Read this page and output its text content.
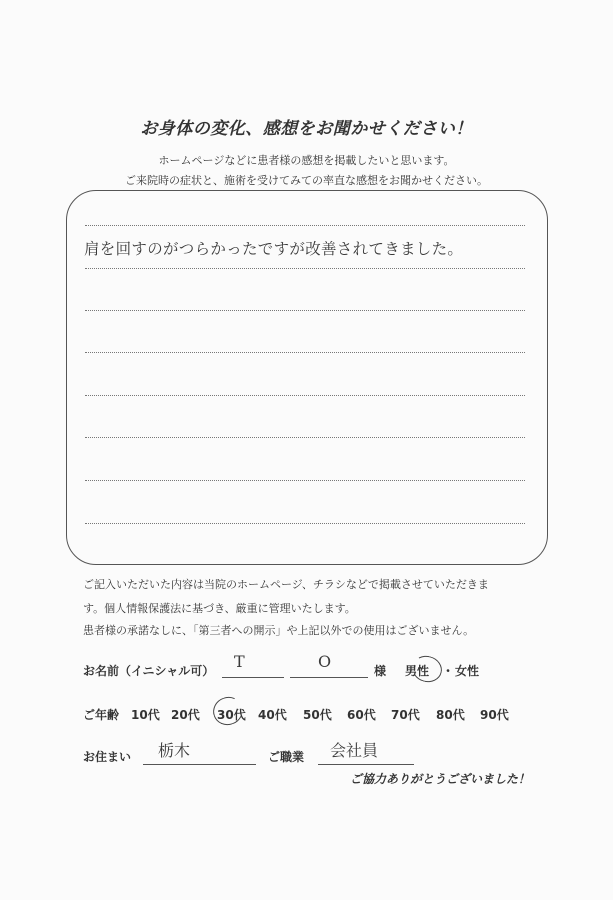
お身体の変化、感想をお聞かせください！
ホームページなどに患者様の感想を掲載したいと思います。
ご来院時の症状と、施術を受けてみての率直な感想をお聞かせください。
肩を回すのがつらかったですが改善されてきました。
ご記入いただいた内容は当院のホームページ、チラシなどで掲載させていただきま
す。個人情報保護法に基づき、厳重に管理いたします。
患者様の承諾なしに、「第三者への開示」や上記以外での使用はございません。
お名前（イニシャル可） T	O	様 男性 ・ 女性
ご年齢 10代 20代 30代 40代 50代 60代 70代 80代 90代
お住まい 栃木	ご職業 会社員
ご協力ありがとうございました！
